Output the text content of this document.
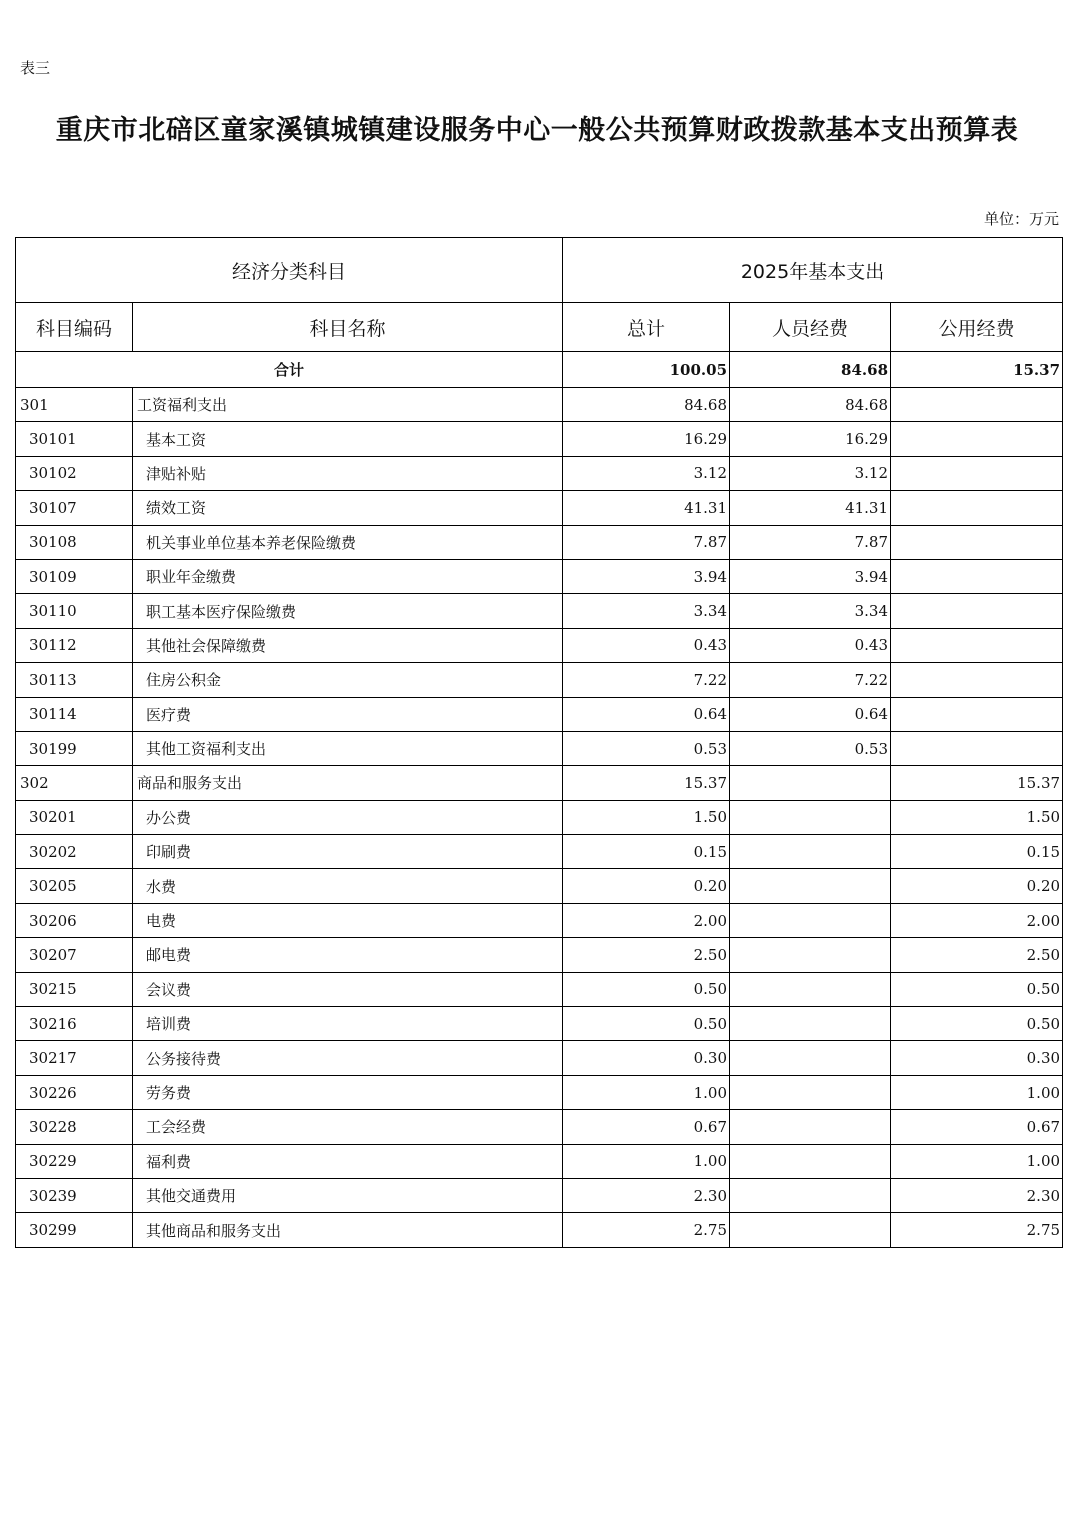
表三
重庆市北碚区童家溪镇城镇建设服务中心一般公共预算财政拨款基本支出预算表
单位：万元
经济分类科目		2025年基本支出		
科目编码	科目名称	总计	人员经费	公用经费
合计		100.05	84.68	15.37
301	工资福利支出	84.68	84.68	
30101	基本工资	16.29	16.29	
30102	津贴补贴	3.12	3.12	
30107	绩效工资	41.31	41.31	
30108	机关事业单位基本养老保险缴费	7.87	7.87	
30109	职业年金缴费	3.94	3.94	
30110	职工基本医疗保险缴费	3.34	3.34	
30112	其他社会保障缴费	0.43	0.43	
30113	住房公积金	7.22	7.22	
30114	医疗费	0.64	0.64	
30199	其他工资福利支出	0.53	0.53	
302	商品和服务支出	15.37		15.37
30201	办公费	1.50		1.50
30202	印刷费	0.15		0.15
30205	水费	0.20		0.20
30206	电费	2.00		2.00
30207	邮电费	2.50		2.50
30215	会议费	0.50		0.50
30216	培训费	0.50		0.50
30217	公务接待费	0.30		0.30
30226	劳务费	1.00		1.00
30228	工会经费	0.67		0.67
30229	福利费	1.00		1.00
30239	其他交通费用	2.30		2.30
30299	其他商品和服务支出	2.75		2.75
